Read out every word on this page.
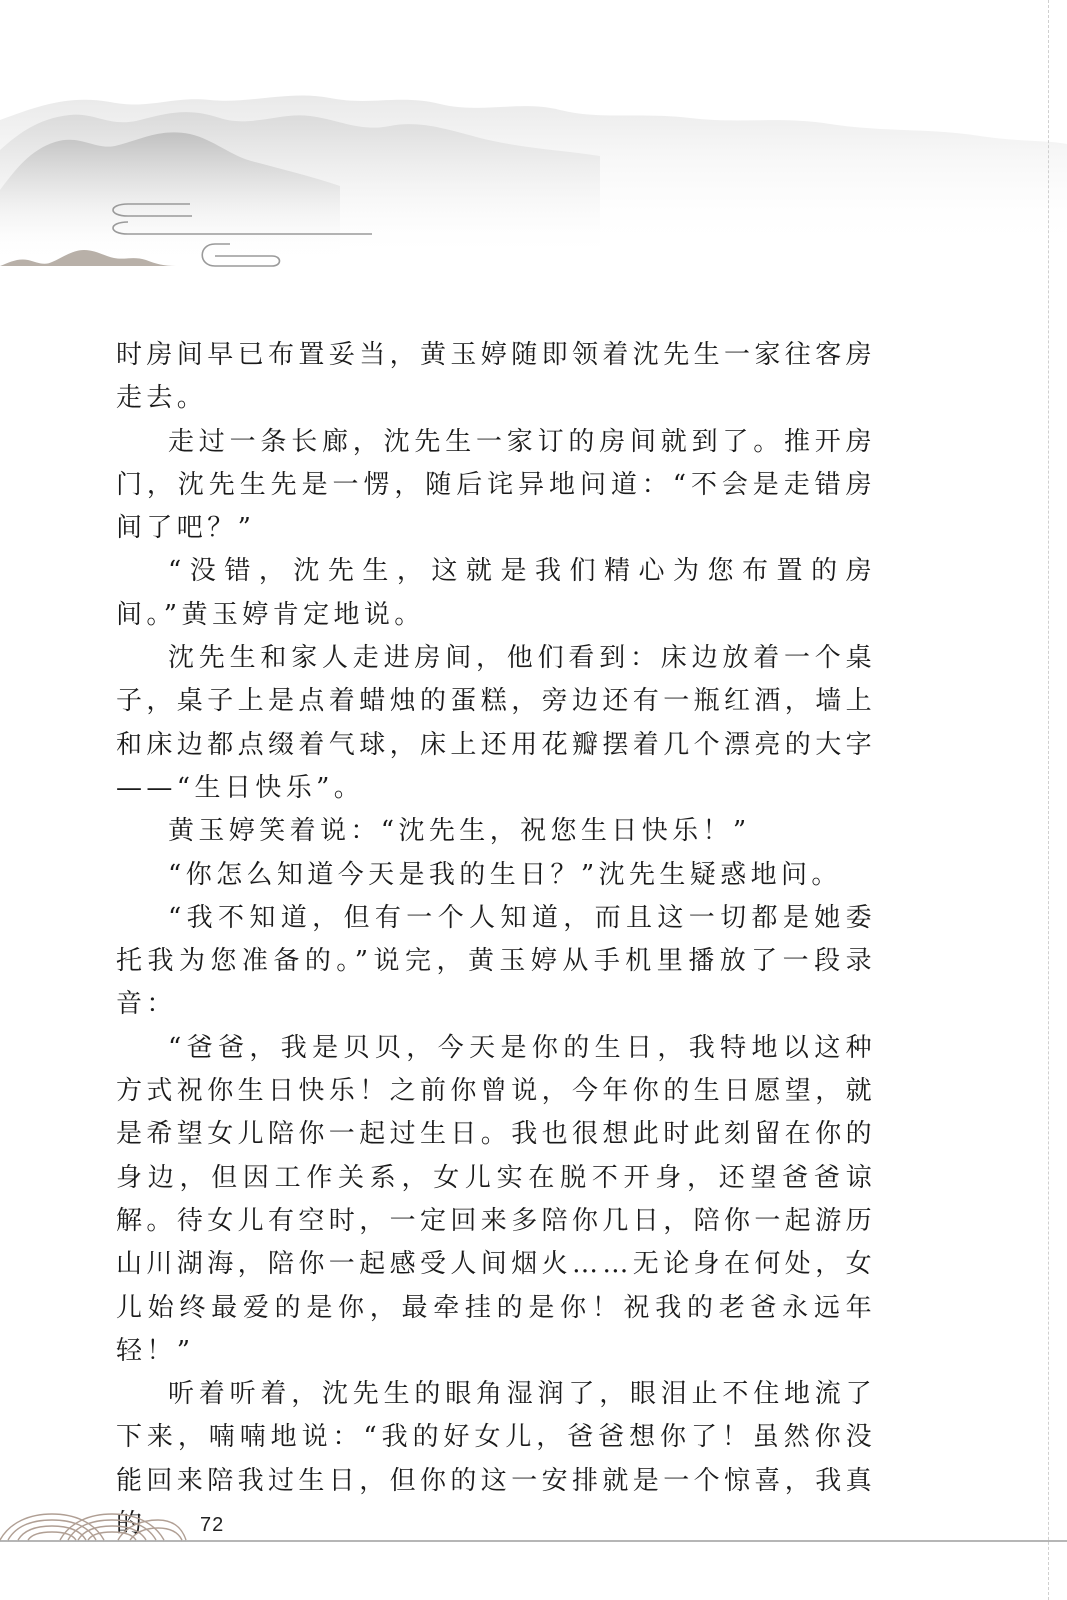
时房间早已布置妥当，黄玉婷随即领着沈先生一家往客房走去。

走过一条长廊，沈先生一家订的房间就到了。推开房门，沈先生先是一愣，随后诧异地问道：“不会是走错房间了吧？”

“没错，沈先生，这就是我们精心为您布置的房间。”黄玉婷肯定地说。

沈先生和家人走进房间，他们看到：床边放着一个桌子，桌子上是点着蜡烛的蛋糕，旁边还有一瓶红酒，墙上和床边都点缀着气球，床上还用花瓣摆着几个漂亮的大字——“生日快乐”。

黄玉婷笑着说：“沈先生，祝您生日快乐！”

“你怎么知道今天是我的生日？”沈先生疑惑地问。

“我不知道，但有一个人知道，而且这一切都是她委托我为您准备的。”说完，黄玉婷从手机里播放了一段录音：

“爸爸，我是贝贝，今天是你的生日，我特地以这种方式祝你生日快乐！之前你曾说，今年你的生日愿望，就是希望女儿陪你一起过生日。我也很想此时此刻留在你的身边，但因工作关系，女儿实在脱不开身，还望爸爸谅解。待女儿有空时，一定回来多陪你几日，陪你一起游历山川湖海，陪你一起感受人间烟火……无论身在何处，女儿始终最爱的是你，最牵挂的是你！祝我的老爸永远年轻！”

听着听着，沈先生的眼角湿润了，眼泪止不住地流了下来，喃喃地说：“我的好女儿，爸爸想你了！虽然你没能回来陪我过生日，但你的这一安排就是一个惊喜，我真的	72
